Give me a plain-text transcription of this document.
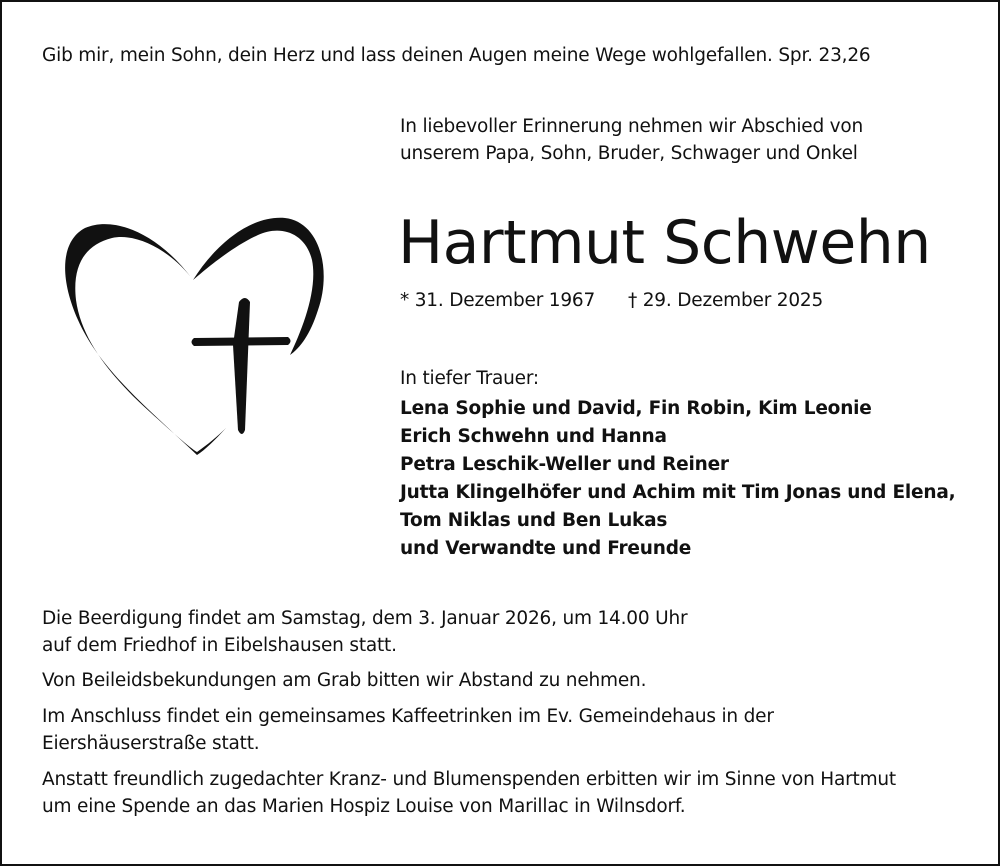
Gib mir, mein Sohn, dein Herz und lass deinen Augen meine Wege wohlgefallen. Spr. 23,26
In liebevoller Erinnerung nehmen wir Abschied von
unserem Papa, Sohn, Bruder, Schwager und Onkel
Hartmut Schwehn
* 31. Dezember 1967 † 29. Dezember 2025
In tiefer Trauer:
Lena Sophie und David, Fin Robin, Kim Leonie
Erich Schwehn und Hanna
Petra Leschik-Weller und Reiner
Jutta Klingelhöfer und Achim mit Tim Jonas und Elena,
Tom Niklas und Ben Lukas
und Verwandte und Freunde
Die Beerdigung findet am Samstag, dem 3. Januar 2026, um 14.00 Uhr
auf dem Friedhof in Eibelshausen statt.
Von Beileidsbekundungen am Grab bitten wir Abstand zu nehmen.
Im Anschluss findet ein gemeinsames Kaffeetrinken im Ev. Gemeindehaus in der
Eiershäuserstraße statt.
Anstatt freundlich zugedachter Kranz- und Blumenspenden erbitten wir im Sinne von Hartmut
um eine Spende an das Marien Hospiz Louise von Marillac in Wilnsdorf.
